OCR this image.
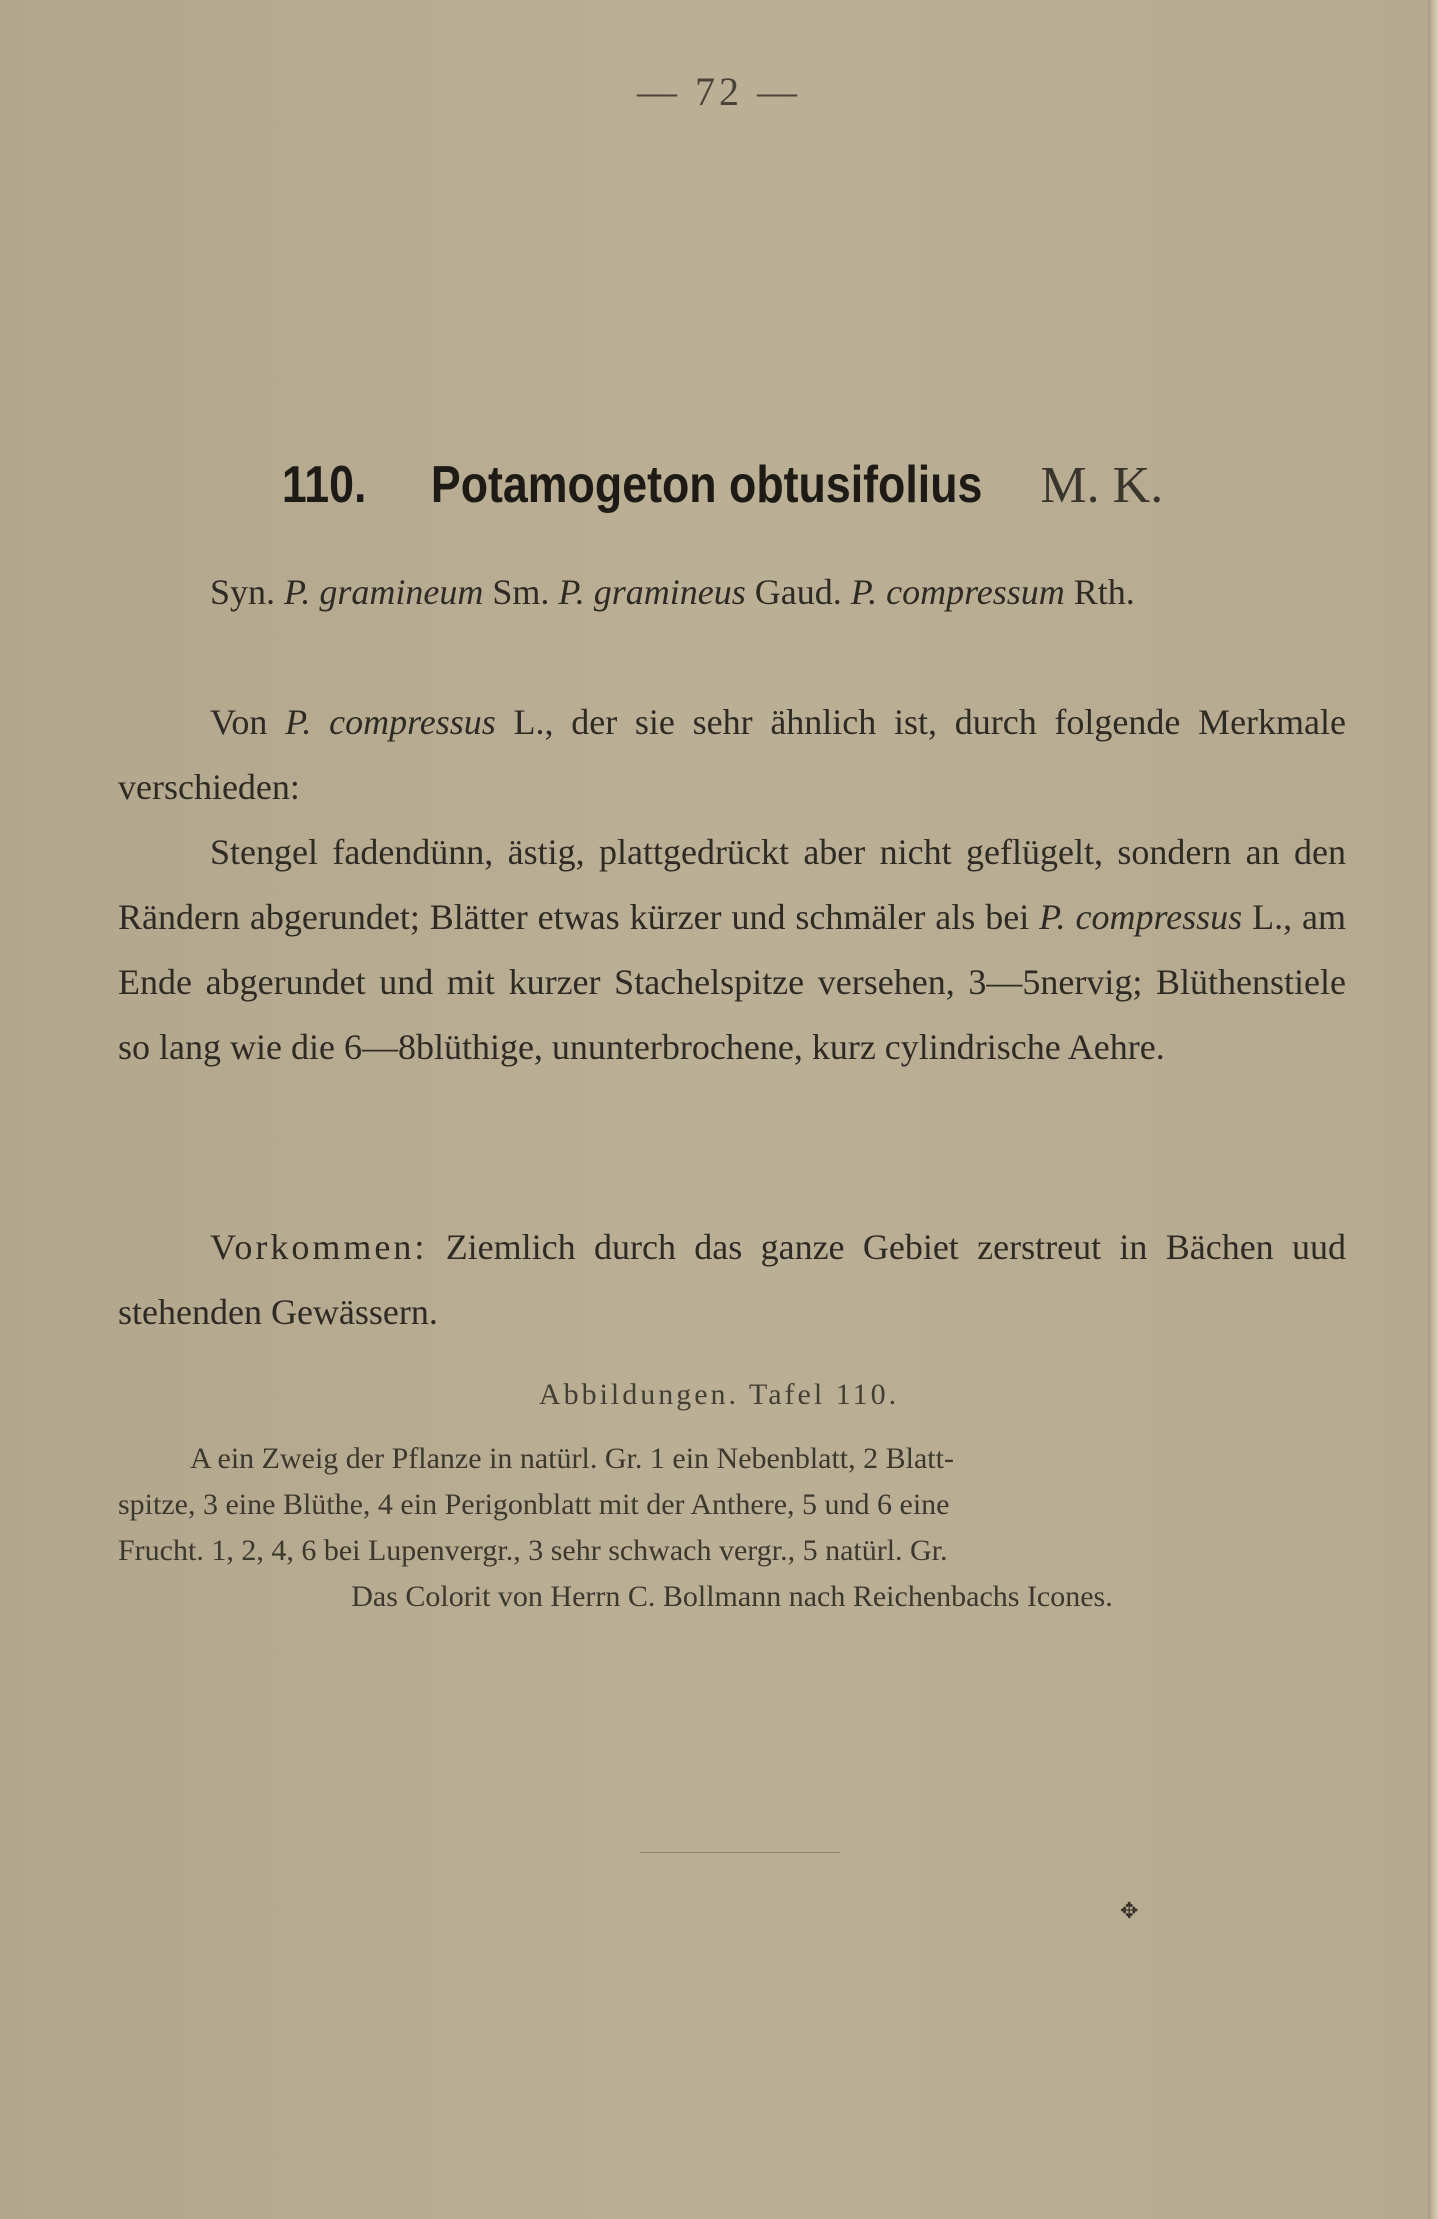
— 72 —
110. Potamogeton obtusifolius M. K.
Syn. P. gramineum Sm. P. gramineus Gaud. P. compressum Rth.
Von P. compressus L., der sie sehr ähnlich ist, durch folgende Merkmale verschieden:
Stengel fadendünn, ästig, plattgedrückt aber nicht geflügelt, sondern an den Rändern abgerundet; Blätter etwas kürzer und schmäler als bei P. compressus L., am Ende abgerundet und mit kurzer Stachelspitze versehen, 3—5nervig; Blüthenstiele so lang wie die 6—8blüthige, ununterbrochene, kurz cylindrische Aehre.
Vorkommen: Ziemlich durch das ganze Gebiet zerstreut in Bächen uud stehenden Gewässern.
Abbildungen. Tafel 110.
A ein Zweig der Pflanze in natürl. Gr. 1 ein Nebenblatt, 2 Blatt-
spitze, 3 eine Blüthe, 4 ein Perigonblatt mit der Anthere, 5 und 6 eine
Frucht. 1, 2, 4, 6 bei Lupenvergr., 3 sehr schwach vergr., 5 natürl. Gr.
Das Colorit von Herrn C. Bollmann nach Reichenbachs Icones.
✥
